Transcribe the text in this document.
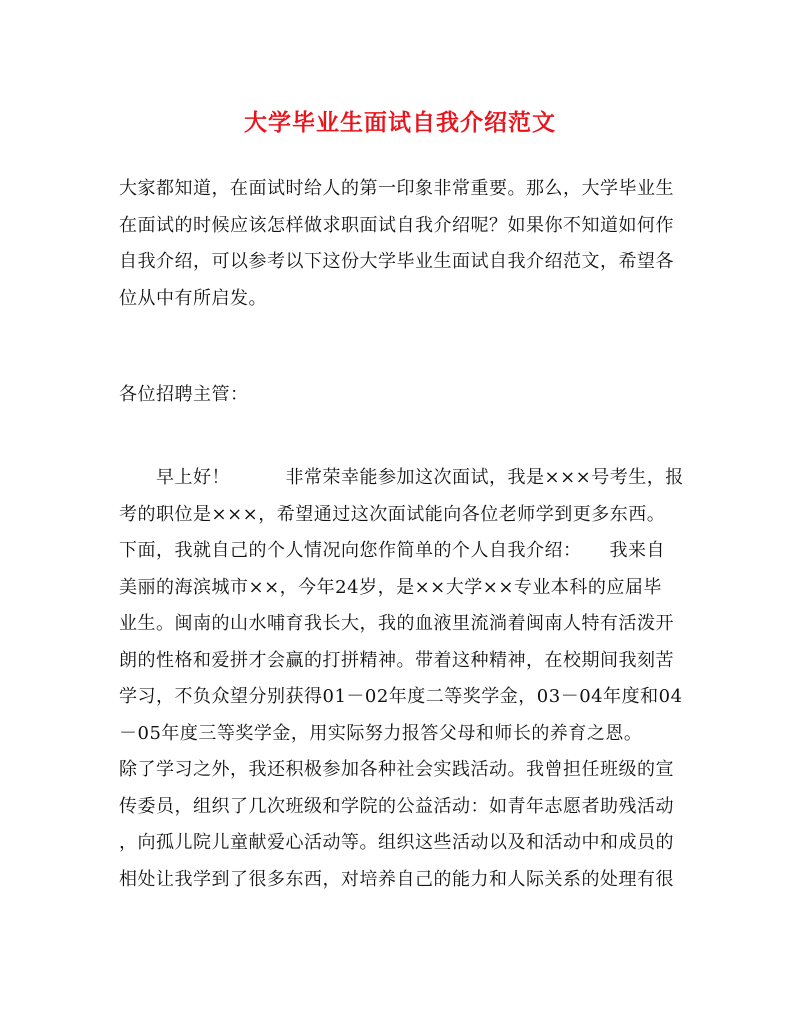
大学毕业生面试自我介绍范文
大家都知道，在面试时给人的第一印象非常重要。那么，大学毕业生
在面试的时候应该怎样做求职面试自我介绍呢？如果你不知道如何作
自我介绍，可以参考以下这份大学毕业生面试自我介绍范文，希望各
位从中有所启发。
各位招聘主管：
　　早上好！　　　非常荣幸能参加这次面试，我是×××号考生，报
考的职位是×××，希望通过这次面试能向各位老师学到更多东西。
下面，我就自己的个人情况向您作简单的个人自我介绍：　　我来自
美丽的海滨城市××，今年24岁，是××大学××专业本科的应届毕
业生。闽南的山水哺育我长大，我的血液里流淌着闽南人特有活泼开
朗的性格和爱拼才会赢的打拼精神。带着这种精神，在校期间我刻苦
学习，不负众望分别获得01－02年度二等奖学金，03－04年度和04
－05年度三等奖学金，用实际努力报答父母和师长的养育之恩。
除了学习之外，我还积极参加各种社会实践活动。我曾担任班级的宣
传委员，组织了几次班级和学院的公益活动：如青年志愿者助残活动
，向孤儿院儿童献爱心活动等。组织这些活动以及和活动中和成员的
相处让我学到了很多东西，对培养自己的能力和人际关系的处理有很
